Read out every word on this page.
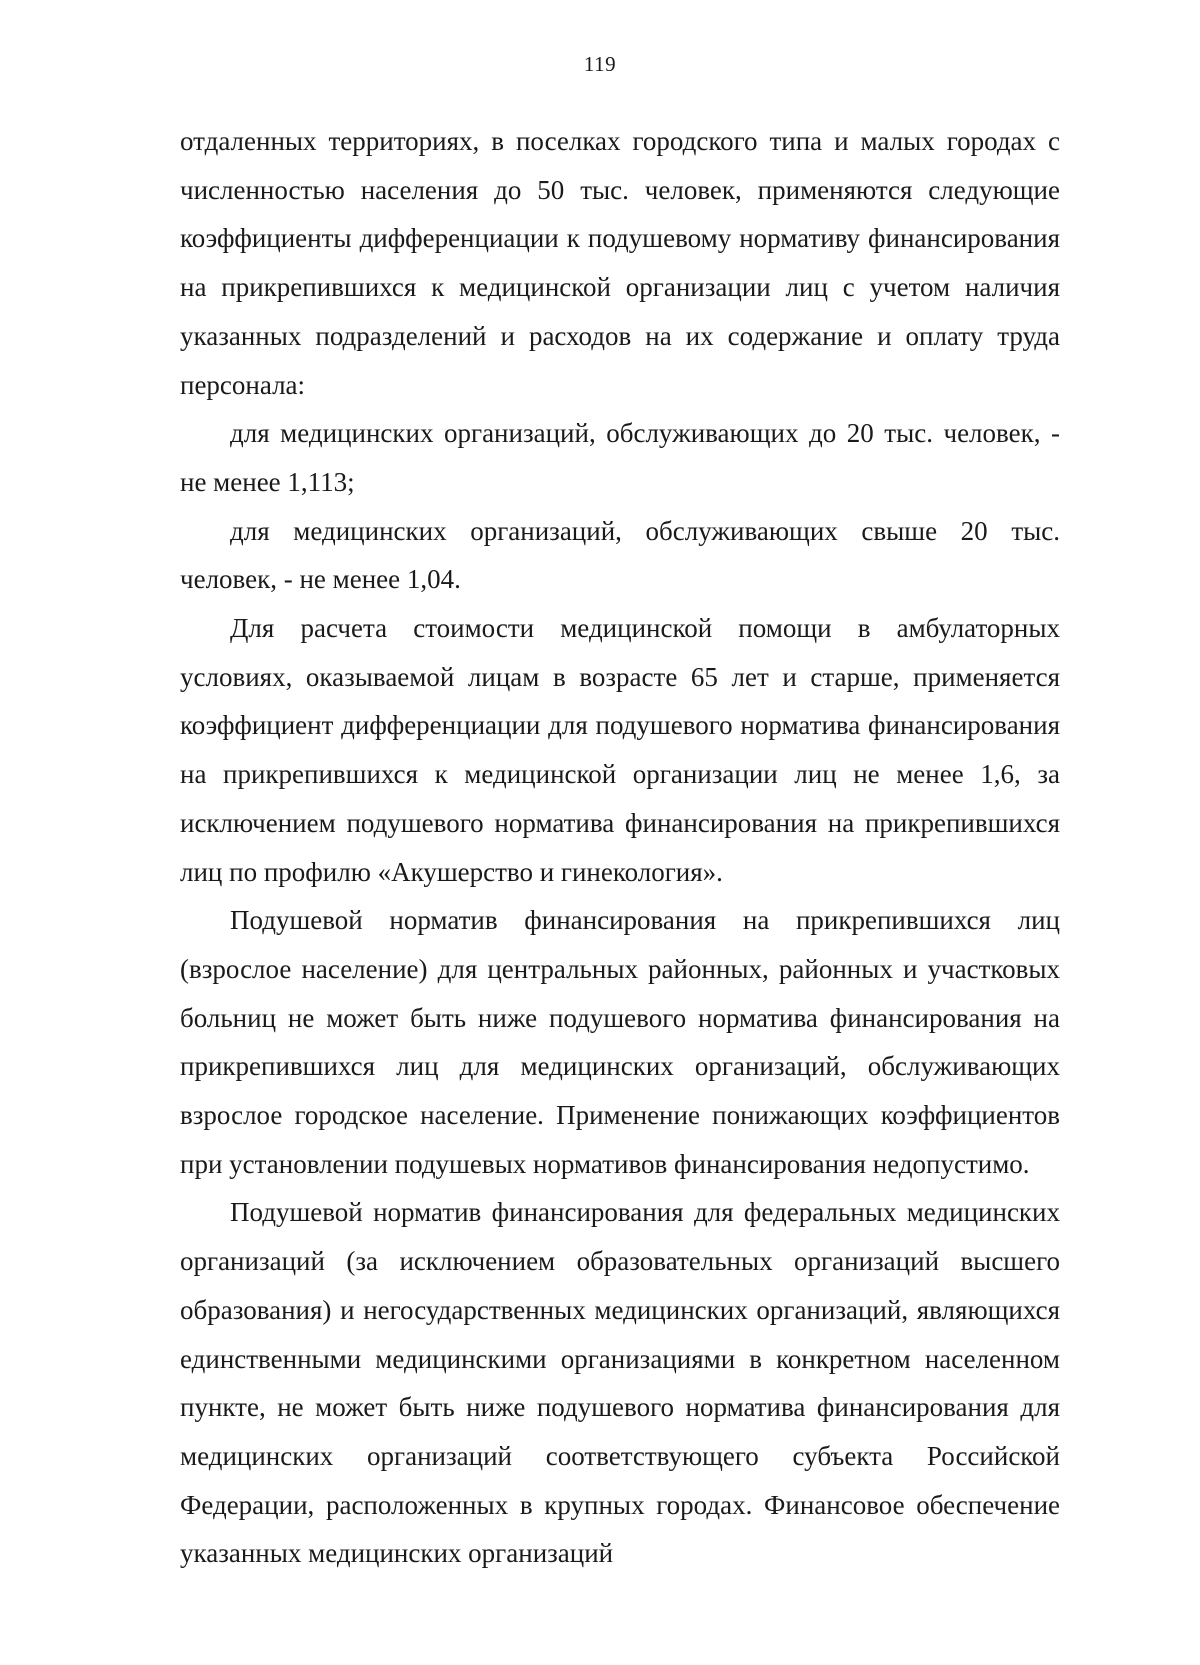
119

отдаленных территориях, в поселках городского типа и малых городах с численностью населения до 50 тыс. человек, применяются следующие коэффициенты дифференциации к подушевому нормативу финансирования на прикрепившихся к медицинской организации лиц с учетом наличия указанных подразделений и расходов на их содержание и оплату труда персонала:

для медицинских организаций, обслуживающих до 20 тыс. человек, - не менее 1,113;

для медицинских организаций, обслуживающих свыше 20 тыс. человек, - не менее 1,04.

Для расчета стоимости медицинской помощи в амбулаторных условиях, оказываемой лицам в возрасте 65 лет и старше, применяется коэффициент дифференциации для подушевого норматива финансирования на прикрепившихся к медицинской организации лиц не менее 1,6, за исключением подушевого норматива финансирования на прикрепившихся лиц по профилю «Акушерство и гинекология».

Подушевой норматив финансирования на прикрепившихся лиц (взрослое население) для центральных районных, районных и участковых больниц не может быть ниже подушевого норматива финансирования на прикрепившихся лиц для медицинских организаций, обслуживающих взрослое городское население. Применение понижающих коэффициентов при установлении подушевых нормативов финансирования недопустимо.

Подушевой норматив финансирования для федеральных медицинских организаций (за исключением образовательных организаций высшего образования) и негосударственных медицинских организаций, являющихся единственными медицинскими организациями в конкретном населенном пункте, не может быть ниже подушевого норматива финансирования для медицинских организаций соответствующего субъекта Российской Федерации, расположенных в крупных городах. Финансовое обеспечение указанных медицинских организаций
